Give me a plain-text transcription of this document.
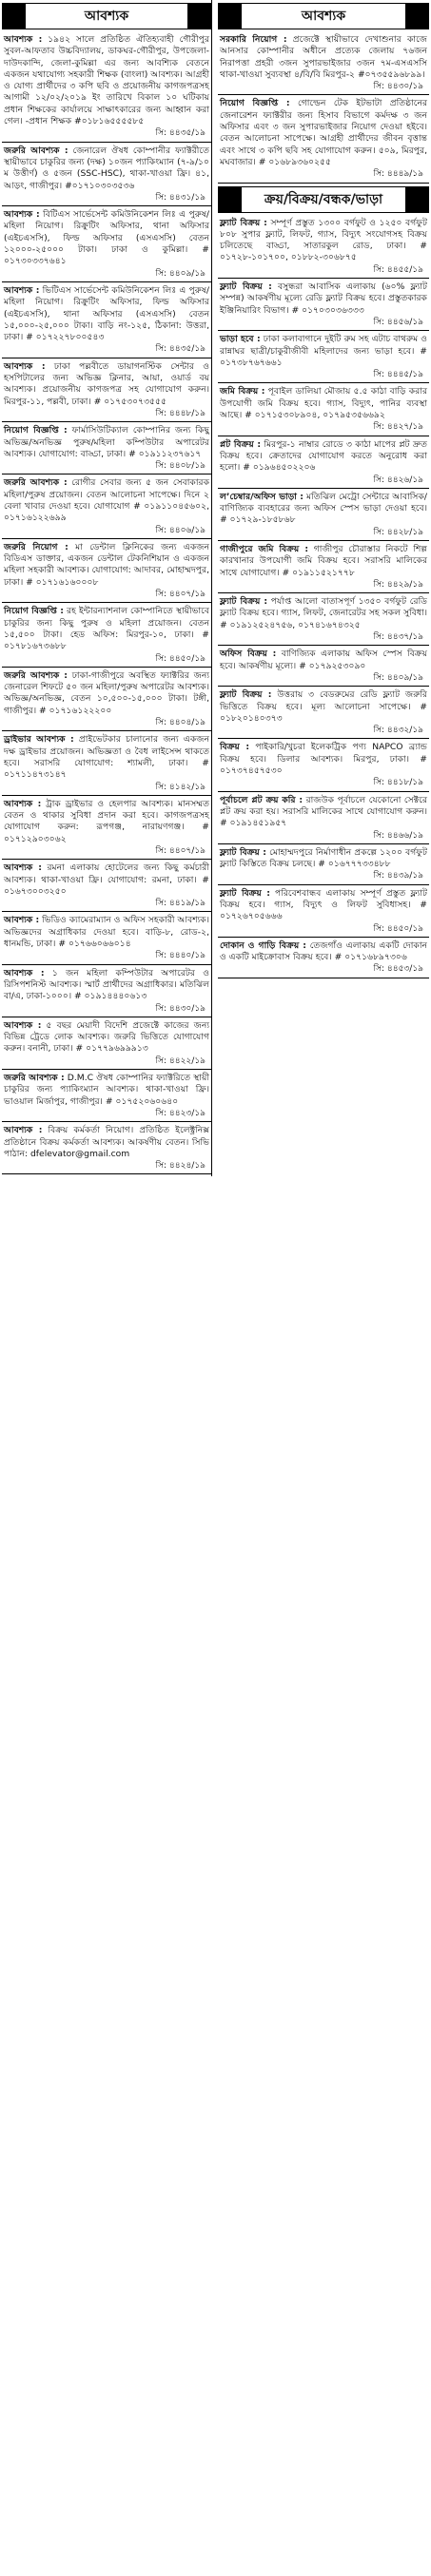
আবশ্যক
আবশ্যক : ১৯৪২ সালে প্রতিষ্ঠিত ঐতিহ্যবাহী গৌরীপুর সুবল-আফতাব উচ্চবিদ্যালয়, ডাকঘর-গৌরীপুর, উপজেলা-দাউদকান্দি, জেলা-কুমিল্লা এর জন্য আবশ্যিক বেতনে একজন যথাযোগ্য সহকারী শিক্ষক (বাংলা) আবশ্যক। আগ্রহী ও যোগ্য প্রার্থীদের ৩ কপি ছবি ও প্রয়োজনীয় কাগজপত্রসহ আগামী ১২/০২/২০১৯ ইং তারিখে বিকাল ১০ ঘটিকায় প্রধান শিক্ষকের কার্যালয়ে সাক্ষাৎকারের জন্য আহ্বান করা গেল। -প্রধান শিক্ষক #০১৮১৬৫৫৫৫৮৫
সি: ৪৪৩৫/১৯
জরুরি আবশ্যক : জেনারেল ঔষধ কোম্পানীর ফ্যাক্টরীতে স্থায়ীভাবে চাকুরির জন্য (দক্ষ) ১০জন প্যাকিংম্যান (৭-৯/১০ ম উত্তীর্ণ) ও ৫জন (SSC-HSC), থাকা-খাওয়া ফ্রি। ৪১, আড়ং, গাজীপুর। #০১৭১০৩০৩৫৩৬
সি: ৪৪৩১/১৯
আবশ্যক : বিটিএস সার্ভেসেন্ট কমিউনিকেশন লিঃ এ পুরুষ/মহিলা নিয়োগ। রিক্রুটিং অফিসার, থানা অফিসার (এইচএসসি), ফিল্ড অফিসার (এসএসসি) বেতন ১২০০০-২৫০০০ টাকা। ঢাকা ও কুমিল্লা। # ০১৭৩০৩৩৭৬৪১
সি: ৪৪০৯/১৯
আবশ্যক : ভিটিএস সার্ভেসেন্ট কমিউনিকেশন লিঃ এ পুরুষ/মহিলা নিয়োগ। রিক্রুটিং অফিসার, ফিল্ড অফিসার (এইচএসসি), থানা অফিসার (এসএসসি) বেতন ১৫,০০০-২৫,০০০ টাকা। বাড়ি নং-১২৫, ঠিকানা: উত্তরা, ঢাকা। # ০১৭২২৭৮০০৫৪৩
সি: ৪৪৩৫/১৯
আবশ্যক : ঢাকা পল্লবীতে ডায়াগনস্টিক সেন্টার ও হসপিটালের জন্য অভিজ্ঞ ক্লিনার, আয়া, ওয়ার্ড বয় আবশ্যক। প্রয়োজনীয় কাগজপত্র সহ যোগাযোগ করুন। মিরপুর-১১, পল্লবী, ঢাকা। # ০১৭৫৩০৭৩৫৫৫
সি: ৪৪৪৮/১৯
নিয়োগ বিজ্ঞপ্তি : ফার্মাসিউটিক্যাল কোম্পানির জন্য কিছু অভিজ্ঞ/অনভিজ্ঞ পুরুষ/মহিলা কম্পিউটার অপারেটর আবশ্যক। যোগাযোগ: বাড্ডা, ঢাকা। # ০১৯১১২৩৭৬১৭
সি: ৪৪০৮/১৯
জরুরি আবশ্যক : রোগীর সেবার জন্য ৫ জন সেবাকারক মহিলা/পুরুষ প্রয়োজন। বেতন আলোচনা সাপেক্ষে। দিনে ২ বেলা খাবার দেওয়া হবে। যোগাযোগ # ০১৯১১০৪৫৬০২, ০১৭১৬১২২৬৯৯
সি: ৪৪০৬/১৯
জরুরি নিয়োগ : মা ডেন্টাল ক্লিনিকের জন্য একজন বিডিএস ডাক্তার, একজন ডেন্টাল টেকনিশিয়ান ও একজন মহিলা সহকারী আবশ্যক। যোগাযোগ: আদাবর, মোহাম্মদপুর, ঢাকা। # ০১৭১৬১৬০০০৮
সি: ৪৪০৭/১৯
নিয়োগ বিজ্ঞপ্তি : রহ ইন্টারন্যাশনাল কোম্পানিতে স্থায়ীভাবে চাকুরির জন্য কিছু পুরুষ ও মহিলা প্রয়োজন। বেতন ১৫,৫০০ টাকা। হেড অফিস: মিরপুর-১০, ঢাকা। # ০১৭৮১৬৭৩৬৮৮
সি: ৪৪৫০/১৯
জরুরি আবশ্যক : ঢাকা-গাজীপুরে অবস্থিত ফ্যাক্টরির জন্য জেনারেল শিফটে ৫০ জন মহিলা/পুরুষ অপারেটর আবশ্যক। অভিজ্ঞ/অনভিজ্ঞ, বেতন ১০,৫০০-১৫,০০০ টাকা। টঙ্গী, গাজীপুর। # ০১৭১৬১২২২০০
সি: ৪৪০৪/১৯
ড্রাইভার আবশ্যক : প্রাইভেটকার চালানোর জন্য একজন দক্ষ ড্রাইভার প্রয়োজন। অভিজ্ঞতা ও বৈধ লাইসেন্স থাকতে হবে। সরাসরি যোগাযোগ: শ্যামলী, ঢাকা। # ০১৭১১৪৭৩১৪৭
সি: ৪১৪২/১৯
আবশ্যক : ট্রাক ড্রাইভার ও হেলপার আবশ্যক। মানসম্মত বেতন ও থাকার সুবিধা প্রদান করা হবে। কাগজপত্রসহ যোগাযোগ করুন: রূপগঞ্জ, নারায়ণগঞ্জ। # ০১৭১২৯০৩০৬২
সি: ৪৪০৭/১৯
আবশ্যক : রমনা এলাকায় হোটেলের জন্য কিছু কর্মচারী আবশ্যক। থাকা-খাওয়া ফ্রি। যোগাযোগ: রমনা, ঢাকা। # ০১৬৭৩০০৩২৫০
সি: ৪৪১৯/১৯
আবশ্যক : ভিডিও ক্যামেরাম্যান ও অফিস সহকারী আবশ্যক। অভিজ্ঞদের অগ্রাধিকার দেওয়া হবে। বাড়ি-৮, রোড-২, ধানমন্ডি, ঢাকা। # ০১৭৬৬০৬৬০১৪
সি: ৪৪৪০/১৯
আবশ্যক : ১ জন মহিলা কম্পিউটার অপারেটর ও রিসিপশনিস্ট আবশ্যক। স্মার্ট প্রার্থীদের অগ্রাধিকার। মতিঝিল বা/এ, ঢাকা-১০০০। # ০১৯১৪৪৪০৬১৩
সি: ৪৪৩০/১৯
আবশ্যক : ৫ বছর মেয়াদী বিদেশি প্রজেক্টে কাজের জন্য বিভিন্ন ট্রেডে লোক আবশ্যক। জরুরি ভিত্তিতে যোগাযোগ করুন। বনানী, ঢাকা। # ০১৭৭৯৬৯৯৯১৩
সি: ৪৪২২/১৯
জরুরি আবশ্যক : D.M.C ঔষধ কোম্পানির ফ্যাক্টরিতে স্থায়ী চাকুরির জন্য প্যাকিংম্যান আবশ্যক। থাকা-খাওয়া ফ্রি। ভাওয়াল মির্জাপুর, গাজীপুর। # ০১৭৫২০৬০৬৪০
সি: ৪৪২৩/১৯
আবশ্যক : বিক্রয় কর্মকর্তা নিয়োগ। প্রতিষ্ঠিত ইলেক্ট্রনিক্স প্রতিষ্ঠানে বিক্রয় কর্মকর্তা আবশ্যক। আকর্ষণীয় বেতন। সিভি পাঠান: dfelevator@gmail.com
সি: ৪৪২৪/১৯
আবশ্যক
সরকারি নিয়োগ : প্রজেক্টে স্থায়ীভাবে দেখাশুনার কাজে আনসার কোম্পানীর অধীনে প্রত্যেক জেলায় ৭৬জন নিরাপত্তা প্রহরী ৩জন সুপারভাইজার ৩জন ৭ম-এসএসসি থাকা-খাওয়া সুব্যবস্থা ৪/বি/বি মিরপুর-২ #০৭৩৫৫৯৬৮৯৯।
সি: ৪৪৩০/১৯
নিয়োগ বিজ্ঞপ্তি : গোল্ডেন টেক ইটভাটা প্রতিষ্ঠানের জেনারেশন ফ্যাক্টরীর জন্য হিসাব বিভাগে কর্মদক্ষ ৩ জন অফিসার এবং ৩ জন সুপারভাইজার নিয়োগ দেওয়া হইবে। বেতন আলোচনা সাপেক্ষে। আগ্রহী প্রার্থীদের জীবন বৃত্তান্ত এবং সাথে ৩ কপি ছবি সহ যোগাযোগ করুন। ৫০৯, মিরপুর, মঘবাজার। # ০১৬৮৯৩৬০২৫৫
সি: ৪৪৪৯/১৯
ক্রয়/বিক্রয়/বন্ধক/ভাড়া
ফ্ল্যাট বিক্রয় : সম্পূর্ণ প্রস্তুত ১৩০০ বর্গফুট ও ১২৫০ বর্গফুট ৮০৮ সুপার ফ্ল্যাট, লিফট, গ্যাস, বিদ্যুৎ সংযোগসহ বিক্রয় চলিতেছে বাড্ডা, সাতারকুল রোড, ঢাকা। # ০১৭২৮-১০১৭০০, ০১৮৮২-৩০৬৮৭৫
সি: ৪৪৫৫/১৯
ফ্ল্যাট বিক্রয় : বসুন্ধরা আবাসিক এলাকায় (৬০% ফ্ল্যাট সম্পন্ন) আকর্ষণীয় মূল্যে রেডি ফ্ল্যাট বিক্রয় হবে। প্রস্তুতকারক ইঞ্জিনিয়ারিং বিভাগ। # ০১৭০৩০৩৬৩৩৩
সি: ৪৪৫৬/১৯
ভাড়া হবে : ঢাকা কলাবাগানে দুইটি রুম সহ এটাচ বাথরুম ও রান্নাঘর ছাত্রী/চাকুরীজীবী মহিলাদের জন্য ভাড়া হবে। # ০১৭৩৮৭৬৭৬৬১
সি: ৪৪৪৫/১৯
জমি বিক্রয় : পূবাইল ডালিয়া মৌজায় ৫.৫ কাঠা বাড়ি করার উপযোগী জমি বিক্রয় হবে। গ্যাস, বিদ্যুৎ, পানির ব্যবস্থা আছে। # ০১৭১৫৩০৮৯০৪, ০১৭৯৫৩৫৬৬৯২
সি: ৪৪২৭/১৯
প্লট বিক্রয় : মিরপুর-১ নাম্বার রোডে ৩ কাঠা মাপের প্লট দ্রুত বিক্রয় হবে। ক্রেতাদের যোগাযোগ করতে অনুরোধ করা হলো। # ০১৯৬৪৫০২২০৬
সি: ৪৪২৬/১৯
ল’চেম্বার/অফিস ভাড়া : মতিঝিল মেট্রো সেন্টারে আবাসিক/বাণিজ্যিক ব্যবহারের জন্য অফিস স্পেস ভাড়া দেওয়া হবে। # ০১৭২৯-১৮৫৮৬৮
সি: ৪৪২৮/১৯
গাজীপুরে জমি বিক্রয় : গাজীপুর চৌরাস্তার নিকটে শিল্প কারখানার উপযোগী জমি বিক্রয় হবে। সরাসরি মালিকের সাথে যোগাযোগ। # ০১৯১১৫২১৭৭৮
সি: ৪৪২৯/১৯
ফ্ল্যাট বিক্রয় : পর্যাপ্ত আলো বাতাসপূর্ণ ১৩৫০ বর্গফুট রেডি ফ্ল্যাট বিক্রয় হবে। গ্যাস, লিফট, জেনারেটর সহ সকল সুবিধা। # ০১৯১২৫২৪৭৫৬, ০১৭৪১৬৭৪৩২৫
সি: ৪৪৩৭/১৯
অফিস বিক্রয় : বাণিজ্যিক এলাকায় অফিস স্পেস বিক্রয় হবে। আকর্ষণীয় মূল্যে। # ০১৭৯২৫৩০৯০
সি: ৪৪০৯/১৯
ফ্ল্যাট বিক্রয় : উত্তরায় ৩ বেডরুমের রেডি ফ্ল্যাট জরুরি ভিত্তিতে বিক্রয় হবে। মূল্য আলোচনা সাপেক্ষে। # ০১৮২০১৪০৩৭৩
সি: ৪৪৩২/১৯
বিক্রয় : পাইকারি/খুচরা ইলেকট্রিক পণ্য NAPCO ব্র্যান্ড বিক্রয় হবে। ডিলার আবশ্যক। মিরপুর, ঢাকা। # ০১৭৩৭৪৫৭৫৩০
সি: ৪৪১৮/১৯
পূর্বাচলে প্লট ক্রয় করি : রাজউক পূর্বাচলে যেকোনো সেক্টরে প্লট ক্রয় করা হয়। সরাসরি মালিকের সাথে যোগাযোগ করুন। # ০১৯১৪৫১৯৫৭
সি: ৪৪৬৬/১৯
ফ্ল্যাট বিক্রয় : মোহাম্মদপুরে নির্মাণাধীন প্রকল্পে ১২০০ বর্গফুট ফ্ল্যাট কিস্তিতে বিক্রয় চলছে। # ০১৬৭৭৭৩৩৪৮৮
সি: ৪৪৩৯/১৯
ফ্ল্যাট বিক্রয় : পরিবেশবান্ধব এলাকায় সম্পূর্ণ প্রস্তুত ফ্ল্যাট বিক্রয় হবে। গ্যাস, বিদ্যুৎ ও লিফট সুবিধাসহ। # ০১৭২৬৭০৫৬৬৬
সি: ৪৪৫০/১৯
দোকান ও গাড়ি বিক্রয় : তেজগাঁও এলাকায় একটি দোকান ও একটি মাইক্রোবাস বিক্রয় হবে। # ০১৭১৬৮৯৭৩০৬
সি: ৪৪৫৩/১৯
